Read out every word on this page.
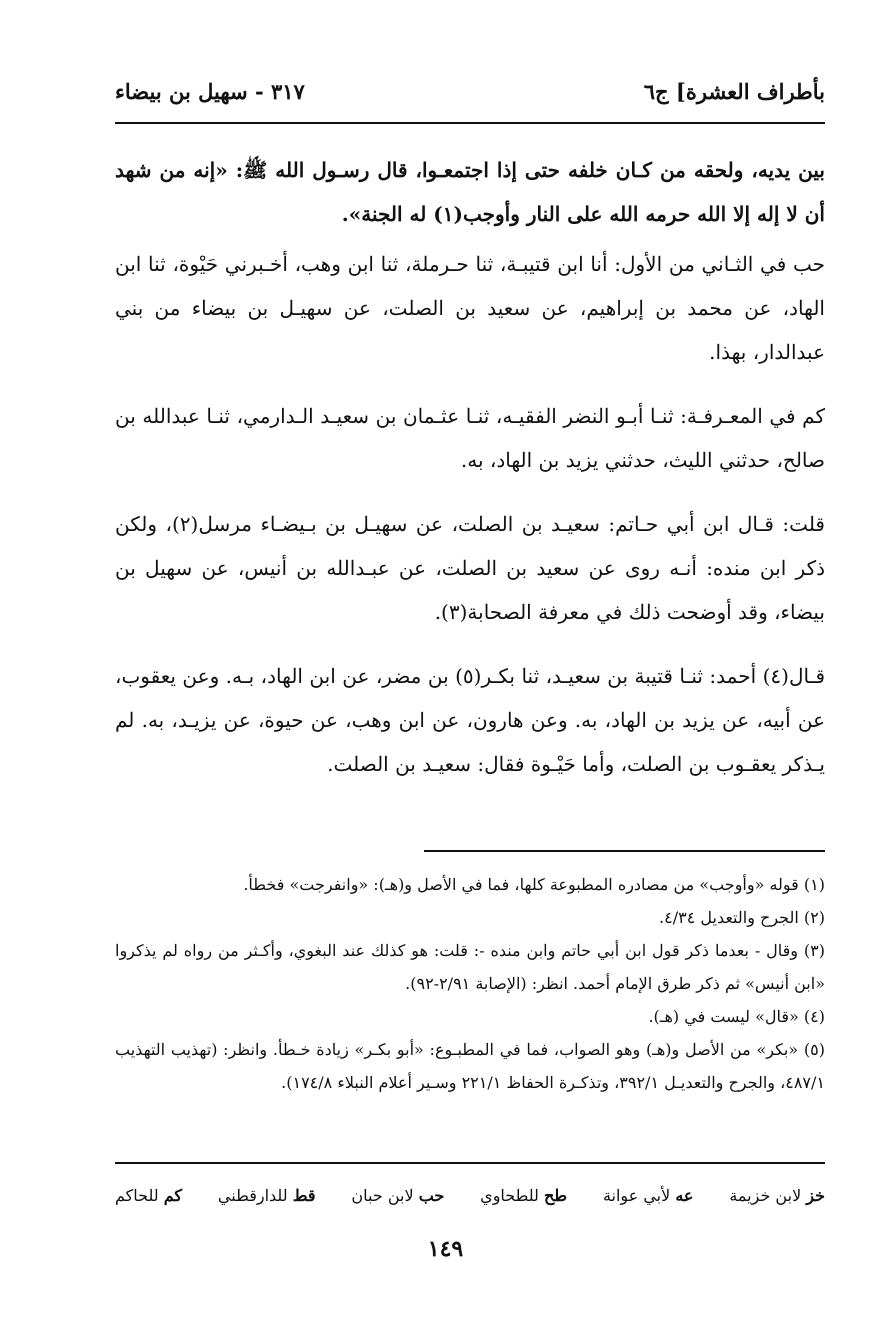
بأطراف العشرة] ج٦
٣١٧ - سهيل بن بيضاء

بين يديه، ولحقه من كـان خلفه حتى إذا اجتمعـوا، قال رسـول الله ﷺ: «إنه من شهد أن لا إله إلا الله حرمه الله على النار وأوجب(١) له الجنة».

حب في الثـاني من الأول: أنا ابن قتيبـة، ثنا حـرملة، ثنا ابن وهب، أخـبرني حَيْوة، ثنا ابن الهاد، عن محمد بن إبراهيم، عن سعيد بن الصلت، عن سهيـل بن بيضاء من بني عبدالدار، بهذا.

كم في المعـرفـة: ثنـا أبـو النضر الفقيـه، ثنـا عثـمان بن سعيـد الـدارمي، ثنـا عبدالله بن صالح، حدثني الليث، حدثني يزيد بن الهاد، به.

قلت: قـال ابن أبي حـاتم: سعيـد بن الصلت، عن سهيـل بن بـيضـاء مرسل(٢)، ولكن ذكر ابن منده: أنـه روى عن سعيد بن الصلت، عن عبـدالله بن أنيس، عن سهيل بن بيضاء، وقد أوضحت ذلك في معرفة الصحابة(٣).

قـال(٤) أحمد: ثنـا قتيبة بن سعيـد، ثنا بكـر(٥) بن مضر، عن ابن الهاد، بـه. وعن يعقوب، عن أبيه، عن يزيد بن الهاد، به. وعن هارون، عن ابن وهب، عن حيوة، عن يزيـد، به. لم يـذكر يعقـوب بن الصلت، وأما حَيْـوة فقال: سعيـد بن الصلت.

(١) قوله «وأوجب» من مصادره المطبوعة كلها، فما في الأصل و(هـ): «وانفرجت» فخطأ.

(٢) الجرح والتعديل ٤/٣٤.

(٣) وقال - بعدما ذكر قول ابن أبي حاتم وابن منده -: قلت: هو كذلك عند البغوي، وأكـثر من رواه لم يذكروا «ابن أنيس» ثم ذكر طرق الإمام أحمد. انظر: (الإصابة ٢/٩١-٩٢).

(٤) «قال» ليست في (هـ).

(٥) «بكر» من الأصل و(هـ) وهو الصواب، فما في المطبـوع: «أبو بكـر» زيادة خـطأ. وانظر: (تهذيب التهذيب ٤٨٧/١، والجرح والتعديـل ٣٩٢/١، وتذكـرة الحفاظ ٢٢١/١ وسـير أعلام النبلاء ١٧٤/٨).

خز لابن خزيمة
عه لأبي عوانة
طح للطحاوي
حب لابن حبان
قط للدارقطني
كم للحاكم
١٤٩
